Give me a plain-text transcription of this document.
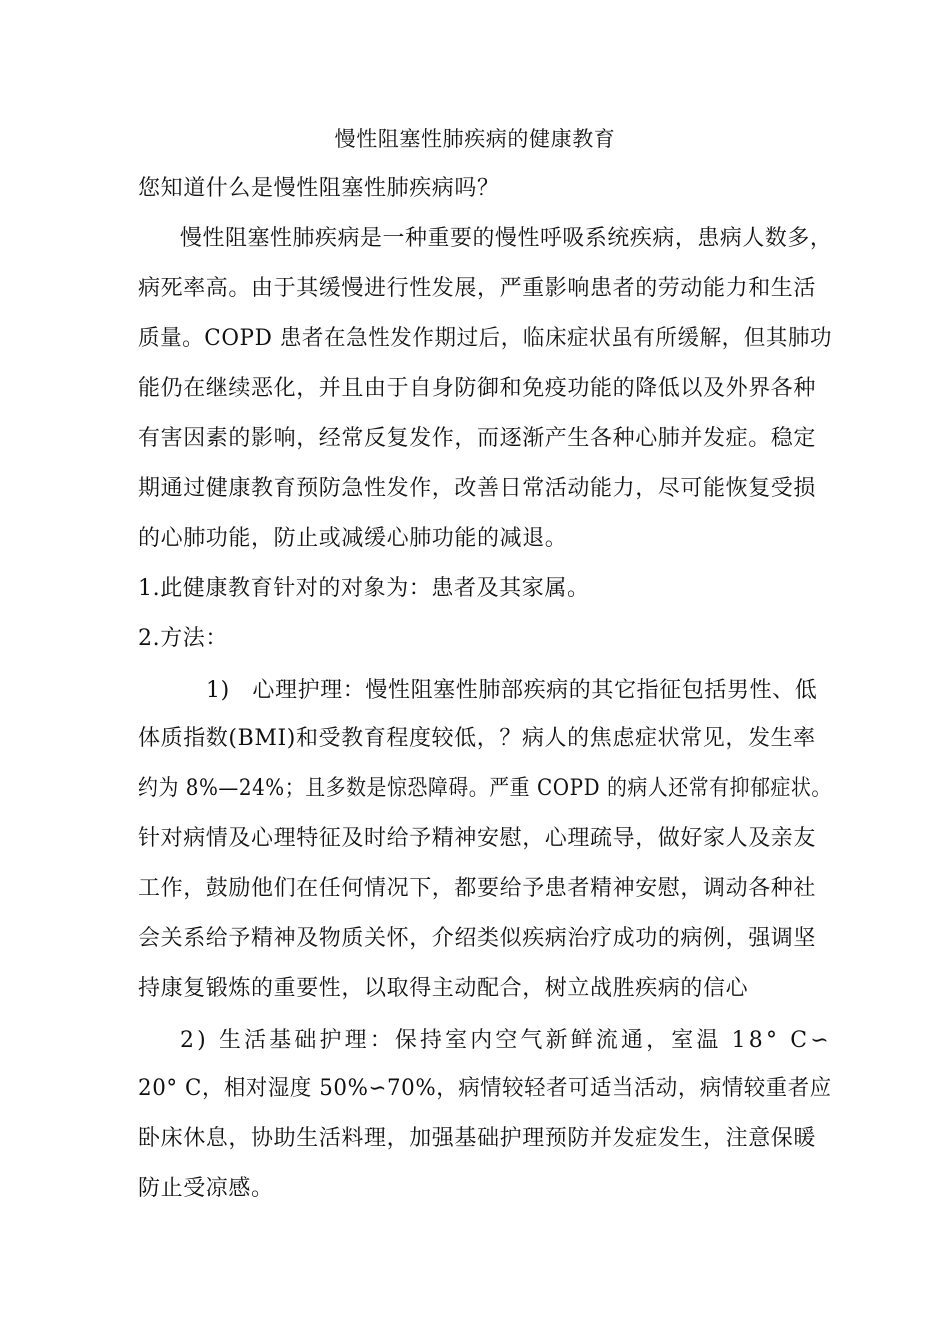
慢性阻塞性肺疾病的健康教育
您知道什么是慢性阻塞性肺疾病吗？
慢性阻塞性肺疾病是一种重要的慢性呼吸系统疾病，患病人数多，
病死率高。由于其缓慢进行性发展，严重影响患者的劳动能力和生活
质量。COPD 患者在急性发作期过后，临床症状虽有所缓解，但其肺功
能仍在继续恶化，并且由于自身防御和免疫功能的降低以及外界各种
有害因素的影响，经常反复发作，而逐渐产生各种心肺并发症。稳定
期通过健康教育预防急性发作，改善日常活动能力，尽可能恢复受损
的心肺功能，防止或减缓心肺功能的减退。
1.此健康教育针对的对象为：患者及其家属。
2.方法：
1)　心理护理：慢性阻塞性肺部疾病的其它指征包括男性、低
体质指数(BMI)和受教育程度较低，？病人的焦虑症状常见，发生率
约为 8%—24%；且多数是惊恐障碍。严重 COPD 的病人还常有抑郁症状。
针对病情及心理特征及时给予精神安慰，心理疏导，做好家人及亲友
工作，鼓励他们在任何情况下，都要给予患者精神安慰，调动各种社
会关系给予精神及物质关怀，介绍类似疾病治疗成功的病例，强调坚
持康复锻炼的重要性，以取得主动配合，树立战胜疾病的信心
2) 生活基础护理：保持室内空气新鲜流通，室温 18° C∽
20° C，相对湿度 50%∽70%，病情较轻者可适当活动，病情较重者应
卧床休息，协助生活料理，加强基础护理预防并发症发生，注意保暖
防止受凉感。
